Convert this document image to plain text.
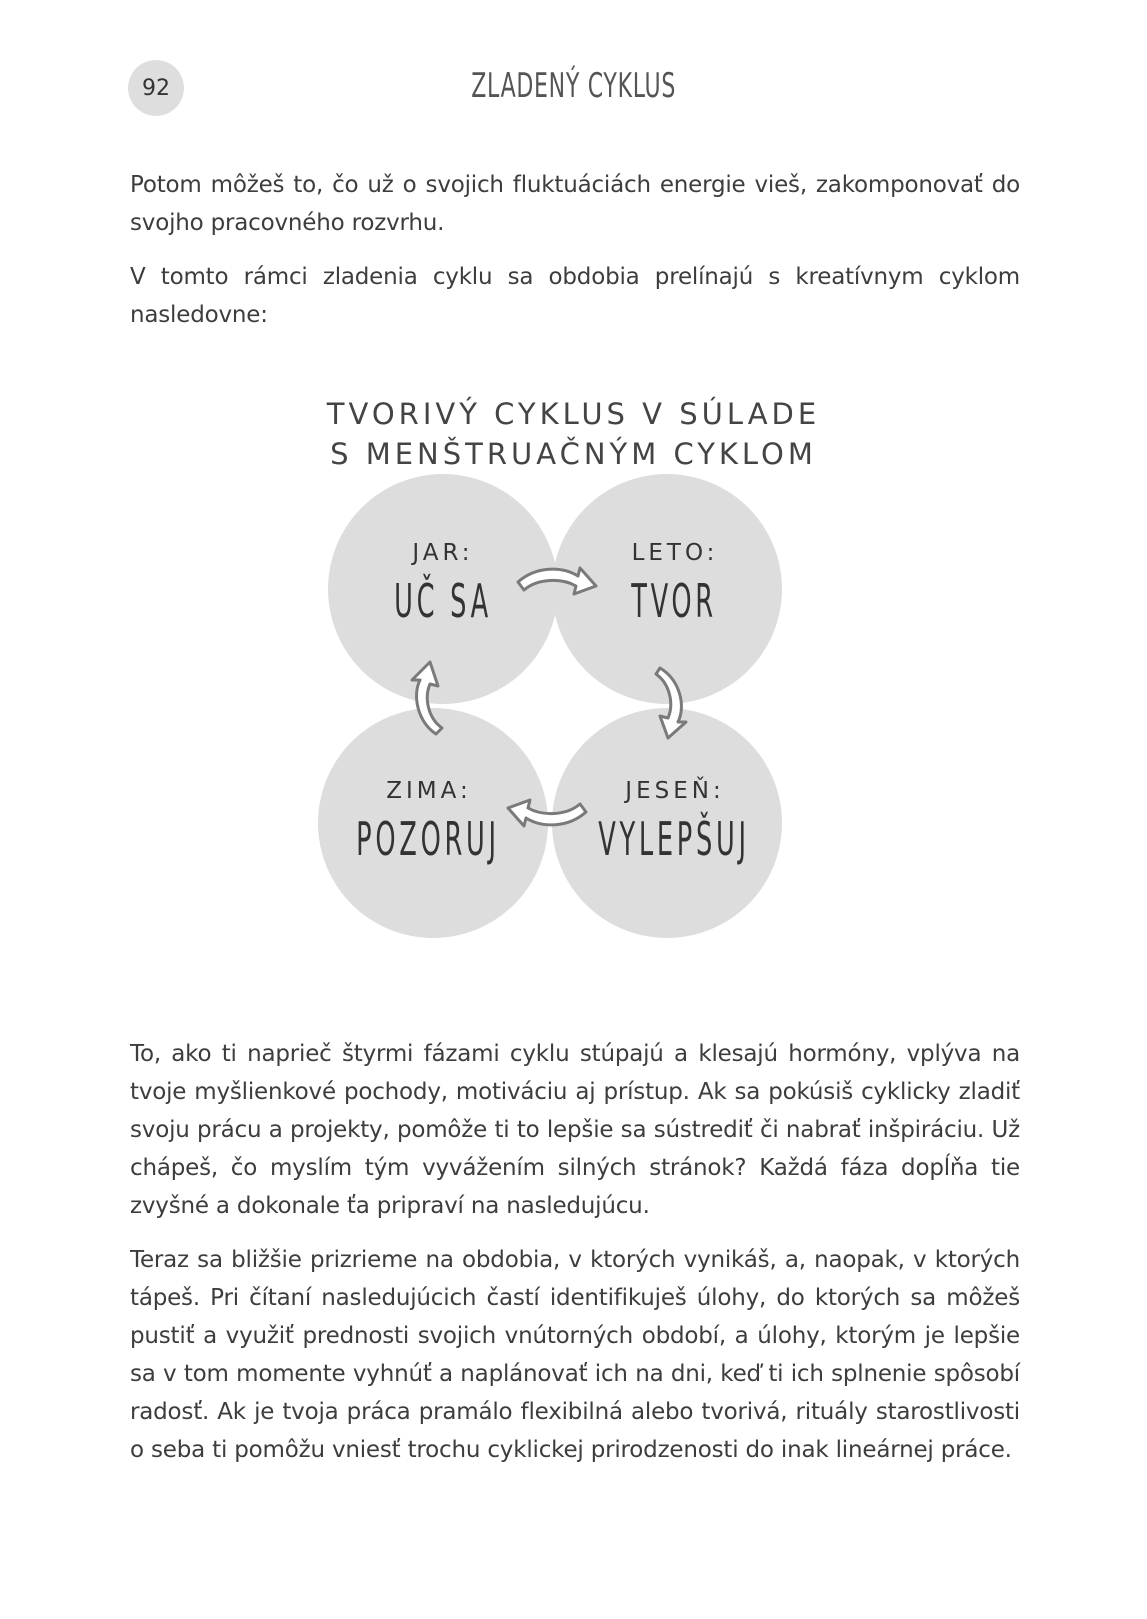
92	ZLADENÝ CYKLUS

Potom môžeš to, čo už o svojich fluktuáciách energie vieš, zakomponovať do svojho pracovného rozvrhu.

V tomto rámci zladenia cyklu sa obdobia prelínajú s kreatívnym cyklom nasledovne:

TVORIVÝ CYKLUS V SÚLADE
S MENŠTRUAČNÝM CYKLOM
JAR:
UČ SA
LETO:
TVOR
JESEŇ:
VYLEPŠUJ
ZIMA:
POZORUJ

To, ako ti naprieč štyrmi fázami cyklu stúpajú a klesajú hormóny, vplýva na tvoje myšlienkové pochody, motiváciu aj prístup. Ak sa pokúsiš cyklicky zladiť svoju prácu a projekty, pomôže ti to lepšie sa sústrediť či nabrať inšpiráciu. Už chápeš, čo myslím tým vyvážením silných stránok? Každá fáza dopĺňa tie zvyšné a dokonale ťa pripraví na nasledujúcu.

Teraz sa bližšie prizrieme na obdobia, v ktorých vynikáš, a, naopak, v ktorých tápeš. Pri čítaní nasledujúcich častí identifikuješ úlohy, do ktorých sa môžeš pustiť a využiť prednosti svojich vnútorných období, a úlohy, ktorým je lepšie sa v tom momente vyhnúť a naplánovať ich na dni, keď ti ich splnenie spôsobí radosť. Ak je tvoja práca pramálo flexibilná alebo tvorivá, rituály starostlivosti o seba ti pomôžu vniesť trochu cyklickej prirodzenosti do inak lineárnej práce.
